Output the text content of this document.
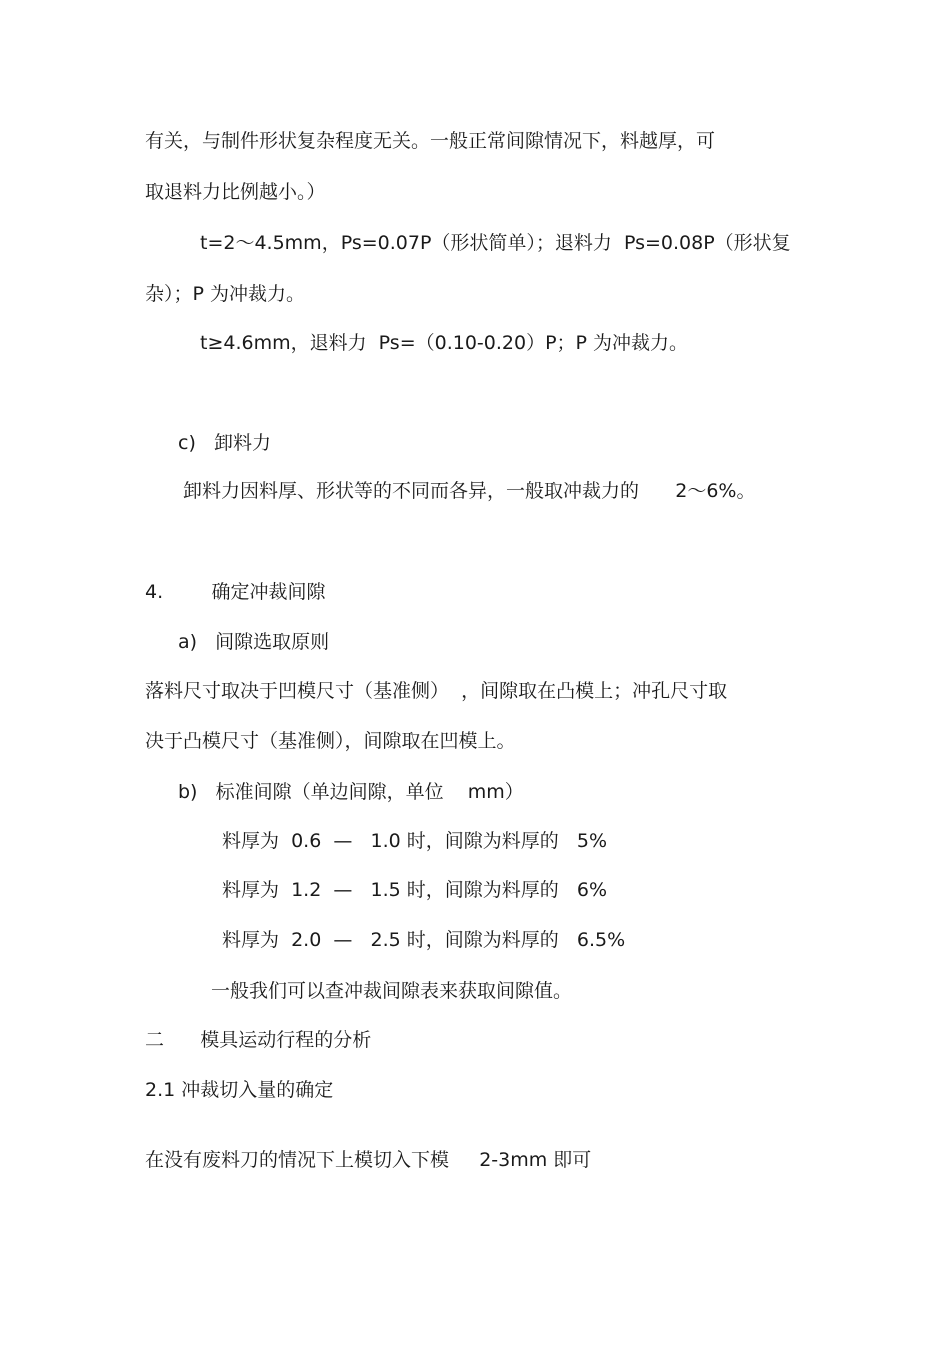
有关，与制件形状复杂程度无关。一般正常间隙情况下，料越厚，可
取退料力比例越小。）
t=2～4.5mm，Ps=0.07P（形状简单）；退料力  Ps=0.08P（形状复
杂）；P 为冲裁力。
t≥4.6mm，退料力  Ps=（0.10-0.20）P；P 为冲裁力。
c)   卸料力
卸料力因料厚、形状等的不同而各异，一般取冲裁力的      2～6%。
4.        确定冲裁间隙
a)   间隙选取原则
落料尺寸取决于凹模尺寸（基准侧）  ，间隙取在凸模上；冲孔尺寸取
决于凸模尺寸（基准侧），间隙取在凹模上。
b)   标准间隙（单边间隙，单位    mm）
料厚为  0.6  —   1.0 时，间隙为料厚的   5%
料厚为  1.2  —   1.5 时，间隙为料厚的   6%
料厚为  2.0  —   2.5 时，间隙为料厚的   6.5%
一般我们可以查冲裁间隙表来获取间隙值。
二      模具运动行程的分析
2.1 冲裁切入量的确定
在没有废料刀的情况下上模切入下模     2-3mm 即可
